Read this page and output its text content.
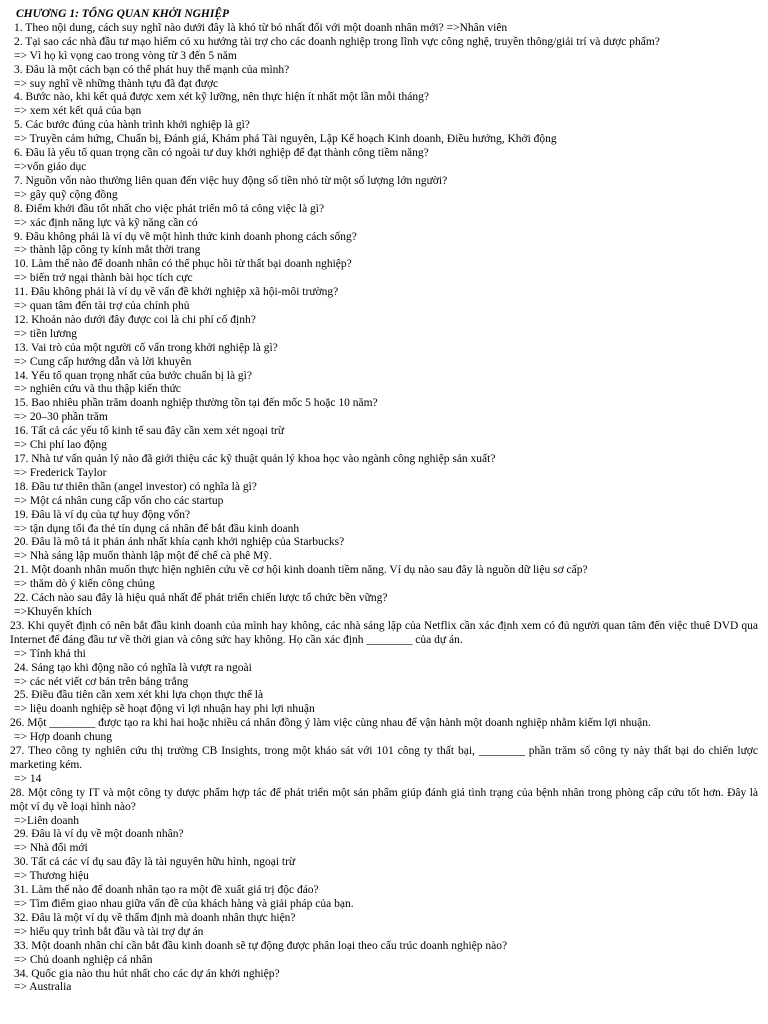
CHƯƠNG 1: TỔNG QUAN KHỞI NGHIỆP
1. Theo nội dung, cách suy nghĩ nào dưới đây là khó từ bỏ nhất đối với một doanh nhân mới? =>Nhân viên
2. Tại sao các nhà đầu tư mạo hiểm có xu hướng tài trợ cho các doanh nghiệp trong lĩnh vực công nghệ, truyền thông/giải trí và dược phẩm?
=> Vì họ kì vọng cao trong vòng từ 3 đến 5 năm
3. Đâu là một cách bạn có thể phát huy thế mạnh của mình?
=> suy nghĩ về những thành tựu đã đạt được
4. Bước nào, khi kết quả được xem xét kỹ lưỡng, nên thực hiện ít nhất một lần mỗi tháng?
=> xem xét kết quả của bạn
5. Các bước đúng của hành trình khởi nghiệp là gì?
=> Truyền cảm hứng, Chuẩn bị, Đánh giá, Khám phá Tài nguyên, Lập Kế hoạch Kinh doanh, Điều hướng, Khởi động
6. Đâu là yếu tố quan trọng cần có ngoài tư duy khởi nghiệp để đạt thành công tiềm năng?
=>vốn giáo dục
7. Nguồn vốn nào thường liên quan đến việc huy động số tiền nhỏ từ một số lượng lớn người?
=> gây quỹ cộng đồng
8. Điểm khởi đầu tốt nhất cho việc phát triển mô tả công việc là gì?
=> xác định năng lực và kỹ năng cần có
9. Đâu không phải là ví dụ về một hình thức kinh doanh phong cách sống?
=> thành lập công ty kính mắt thời trang
10. Làm thế nào để doanh nhân có thể phục hồi từ thất bại doanh nghiệp?
=> biến trở ngại thành bài học tích cực
11. Đâu không phải là ví dụ về vấn đề khởi nghiệp xã hội-môi trường?
=> quan tâm đến tài trợ của chính phủ
12. Khoản nào dưới đây được coi là chi phí cố định?
=> tiền lương
13. Vai trò của một người cố vấn trong khởi nghiệp là gì?
=> Cung cấp hướng dẫn và lời khuyên
14. Yếu tố quan trọng nhất của bước chuẩn bị là gì?
=> nghiên cứu và thu thập kiến thức
15. Bao nhiêu phần trăm doanh nghiệp thường tồn tại đến mốc 5 hoặc 10 năm?
=> 20–30 phần trăm
16. Tất cả các yếu tố kinh tế sau đây cần xem xét ngoại trừ
=> Chi phí lao động
17. Nhà tư vấn quản lý nào đã giới thiệu các kỹ thuật quản lý khoa học vào ngành công nghiệp sản xuất?
=> Frederick Taylor
18. Đầu tư thiên thần (angel investor) có nghĩa là gì?
=> Một cá nhân cung cấp vốn cho các startup
19. Đâu là ví dụ của tự huy động vốn?
=> tận dụng tối đa thẻ tín dụng cá nhân để bắt đầu kinh doanh
20. Đâu là mô tả it phản ánh nhất khía cạnh khởi nghiệp của Starbucks?
=> Nhà sáng lập muốn thành lập một đế chế cà phê Mỹ.
21. Một doanh nhân muốn thực hiện nghiên cứu về cơ hội kinh doanh tiềm năng. Ví dụ nào sau đây là nguồn dữ liệu sơ cấp?
=> thăm dò ý kiến công chúng
22. Cách nào sau đây là hiệu quả nhất để phát triển chiến lược tổ chức bền vững?
=>Khuyến khích
23. Khi quyết định có nên bắt đầu kinh doanh của mình hay không, các nhà sáng lập của Netflix cần xác định xem có đủ người quan tâm đến việc thuê DVD qua Internet để đáng đầu tư về thời gian và công sức hay không. Họ cần xác định ________ của dự án.
=> Tính khả thi
24. Sáng tạo khi động não có nghĩa là vượt ra ngoài
=> các nét viết cơ bản trên bảng trắng
25. Điều đầu tiên cần xem xét khi lựa chọn thực thể là
=> liệu doanh nghiệp sẽ hoạt động vì lợi nhuận hay phi lợi nhuận
26. Một ________ được tạo ra khi hai hoặc nhiều cá nhân đồng ý làm việc cùng nhau để vận hành một doanh nghiệp nhằm kiếm lợi nhuận.
=> Hợp doanh chung
27. Theo công ty nghiên cứu thị trường CB Insights, trong một khảo sát với 101 công ty thất bại, ________ phần trăm số công ty này thất bại do chiến lược marketing kém.
=> 14
28. Một công ty IT và một công ty dược phẩm hợp tác để phát triển một sản phẩm giúp đánh giá tình trạng của bệnh nhân trong phòng cấp cứu tốt hơn. Đây là một ví dụ về loại hình nào?
=>Liên doanh
29. Đâu là ví dụ về một doanh nhân?
=> Nhà đổi mới
30. Tất cả các ví dụ sau đây là tài nguyên hữu hình, ngoại trừ
=> Thương hiệu
31. Làm thế nào để doanh nhân tạo ra một đề xuất giá trị độc đáo?
=> Tìm điểm giao nhau giữa vấn đề của khách hàng và giải pháp của bạn.
32. Đâu là một ví dụ về thẩm định mà doanh nhân thực hiện?
=> hiểu quy trình bắt đầu và tài trợ dự án
33. Một doanh nhân chỉ cần bắt đầu kinh doanh sẽ tự động được phân loại theo cấu trúc doanh nghiệp nào?
=> Chủ doanh nghiệp cá nhân
34. Quốc gia nào thu hút nhất cho các dự án khởi nghiệp?
=> Australia
